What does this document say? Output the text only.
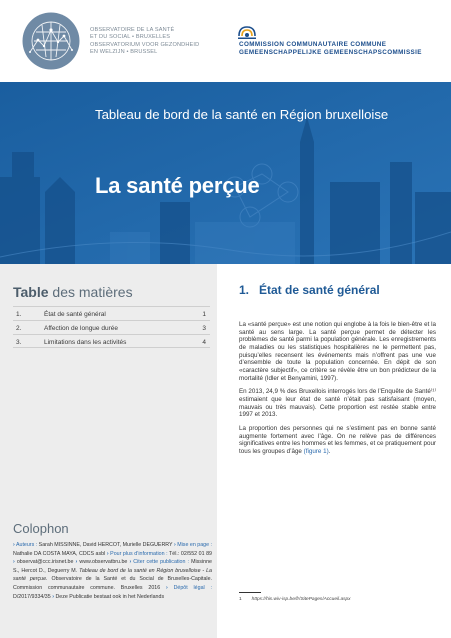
OBSERVATOIRE DE LA SANTÉ
ET DU SOCIAL • BRUXELLES
OBSERVATORIUM VOOR GEZONDHEID
EN WELZIJN • BRUSSEL
COMMISSION COMMUNAUTAIRE COMMUNE
GEMEENSCHAPPELIJKE GEMEENSCHAPSCOMMISSIE
Tableau de bord de la santé en Région bruxelloise
La santé perçue
Table des matières
1.	État de santé général	1
2.	Affection de longue durée	3
3.	Limitations dans les activités	4
Colophon
› Auteurs : Sarah MISSINNE, David HERCOT, Murielle DEGUERRY › Mise en page : Nathalie DA COSTA MAYA, CDCS asbl › Pour plus d’information : Tél.: 02/552 01 89 › observat@ccc.irisnet.be › www.observatbru.be › Citer cette publication : Missinne S., Hercot D., Deguerry M. Tableau de bord de la santé en Région bruxelloise - La santé perçue. Observatoire de la Santé et du Social de Bruxelles-Capitale. Commission communautaire commune. Bruxelles 2016 › Dépôt légal : D/2017/9334/35 › Deze Publicatie bestaat ook in het Nederlands
1. État de santé général

La «santé perçue» est une notion qui englobe à la fois le bien-être et la santé au sens large. La santé perçue permet de détecter les problèmes de santé parmi la population générale. Les enregistrements de maladies ou les statistiques hospitalières ne le permettent pas, puisqu’elles recensent les événements mais n’offrent pas une vue d’ensemble de toute la population concernée. En dépit de son «caractère subjectif», ce critère se révèle être un bon prédicteur de la mortalité (Idler et Benyamini, 1997).

En 2013, 24,9 % des Bruxellois interrogés lors de l’Enquête de Santé⁽¹⁾ estimaient que leur état de santé n’était pas satisfaisant (moyen, mauvais ou très mauvais). Cette proportion est restée stable entre 1997 et 2013.

La proportion des personnes qui ne s’estiment pas en bonne santé augmente fortement avec l’âge. On ne relève pas de différences significatives entre les hommes et les femmes, et ce pratiquement pour tous les groupes d’âge (figure 1).

1 https://his.wiv-isp.be/fr/SitePages/Accueil.aspx
